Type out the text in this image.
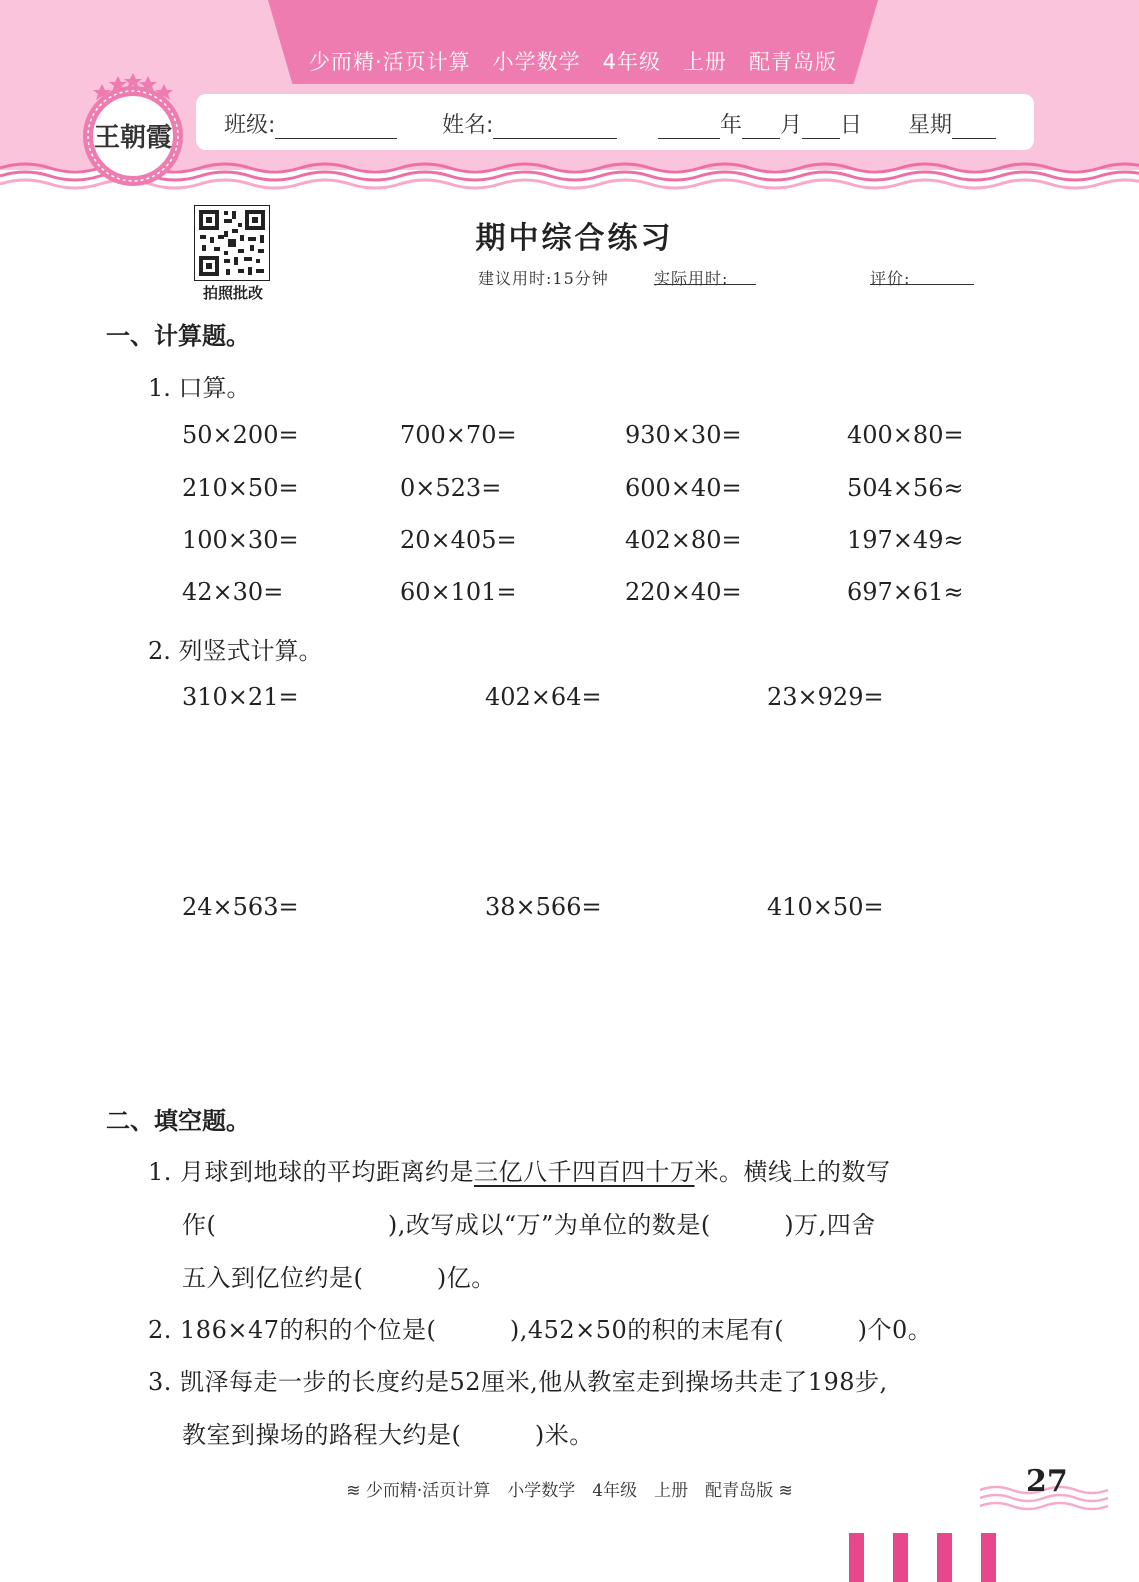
少而精·活页计算　小学数学　4年级　上册　配青岛版
班级:	姓名:	年 月 日 星期
王朝霞
拍照批改
期中综合练习
建议用时:15分钟	实际用时:	评价:
一、计算题。
1. 口算。
50×200=	700×70=	930×30=	400×80=
210×50=	0×523=	600×40=	504×56≈
100×30=	20×405=	402×80=	197×49≈
42×30=	60×101=	220×40=	697×61≈
2. 列竖式计算。
310×21=	402×64=	23×929=
24×563=	38×566=	410×50=
二、填空题。
1. 月球到地球的平均距离约是三亿八千四百四十万米。横线上的数写
作(　　　　　　　),改写成以“万”为单位的数是(　　　)万,四舍
五入到亿位约是(　　　)亿。
2. 186×47的积的个位是(　　　),452×50的积的末尾有(　　　)个0。
3. 凯泽每走一步的长度约是52厘米,他从教室走到操场共走了198步,
教室到操场的路程大约是(　　　)米。
≋ 少而精·活页计算　小学数学　4年级　上册　配青岛版 ≋	27
